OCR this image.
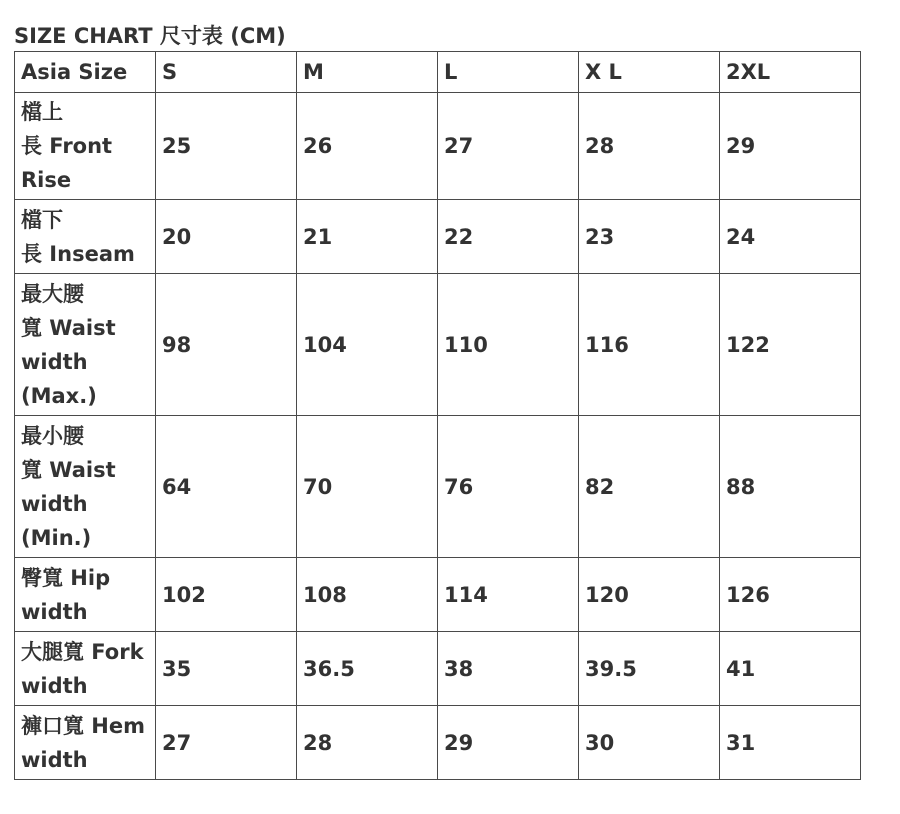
SIZE CHART 尺寸表 (CM)
Asia Size	S	M	L	X L	2XL
檔上
長 Front
Rise	25	26	27	28	29
檔下
長 Inseam	20	21	22	23	24
最大腰
寬 Waist
width
(Max.)	98	104	110	116	122
最小腰
寬 Waist
width
(Min.)	64	70	76	82	88
臀寬 Hip
width	102	108	114	120	126
大腿寬 Fork
width	35	36.5	38	39.5	41
褲口寬 Hem
width	27	28	29	30	31
